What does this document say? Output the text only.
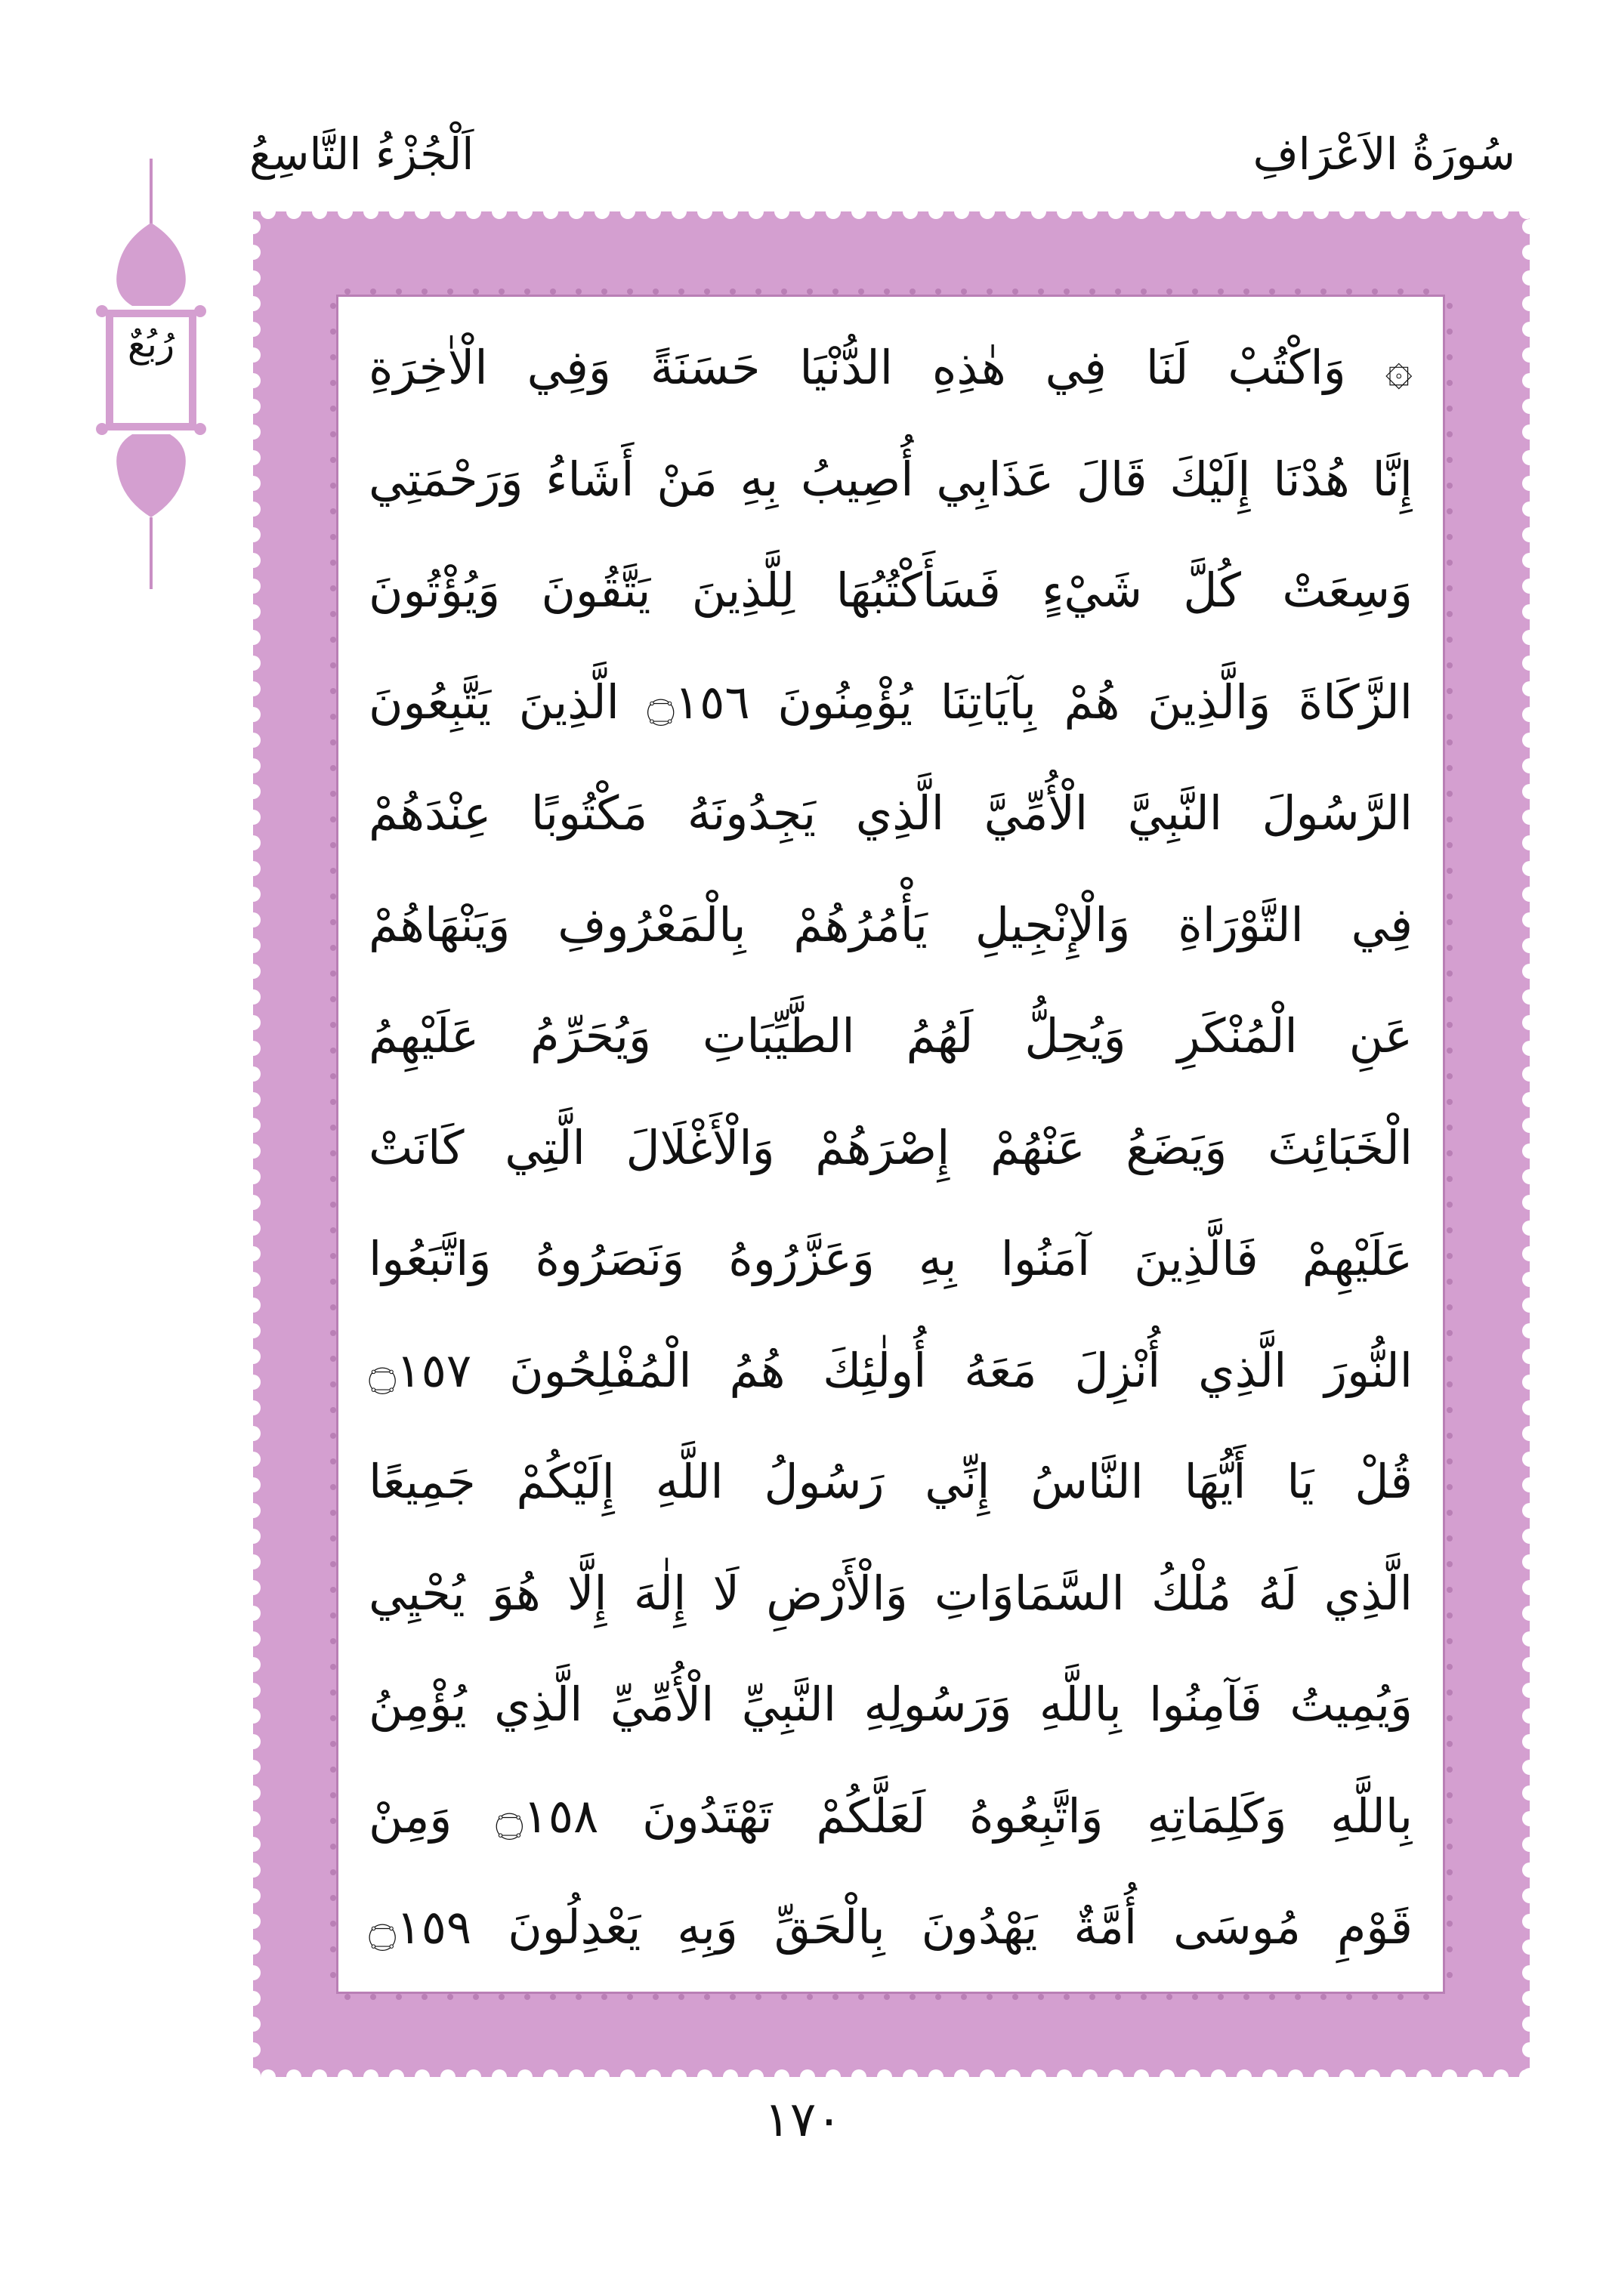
سُورَةُ الاَعْرَافِ
اَلْجُزْءُ التَّاسِعُ
رُبُعٌ	۞ وَاكْتُبْ لَنَا فِي هٰذِهِ الدُّنْيَا حَسَنَةً وَفِي الْاٰخِرَةِ
إِنَّا هُدْنَا إِلَيْكَ قَالَ عَذَابِي أُصِيبُ بِهِ مَنْ أَشَاءُ وَرَحْمَتِي
وَسِعَتْ كُلَّ شَيْءٍ فَسَأَكْتُبُهَا لِلَّذِينَ يَتَّقُونَ وَيُؤْتُونَ
الزَّكَاةَ وَالَّذِينَ هُمْ بِآيَاتِنَا يُؤْمِنُونَ ۝١٥٦ الَّذِينَ يَتَّبِعُونَ
الرَّسُولَ النَّبِيَّ الْأُمِّيَّ الَّذِي يَجِدُونَهُ مَكْتُوبًا عِنْدَهُمْ
فِي التَّوْرَاةِ وَالْإِنْجِيلِ يَأْمُرُهُمْ بِالْمَعْرُوفِ وَيَنْهَاهُمْ
عَنِ الْمُنْكَرِ وَيُحِلُّ لَهُمُ الطَّيِّبَاتِ وَيُحَرِّمُ عَلَيْهِمُ
الْخَبَائِثَ وَيَضَعُ عَنْهُمْ إِصْرَهُمْ وَالْأَغْلَالَ الَّتِي كَانَتْ
عَلَيْهِمْ فَالَّذِينَ آمَنُوا بِهِ وَعَزَّرُوهُ وَنَصَرُوهُ وَاتَّبَعُوا
النُّورَ الَّذِي أُنْزِلَ مَعَهُ أُولٰئِكَ هُمُ الْمُفْلِحُونَ ۝١٥٧
قُلْ يَا أَيُّهَا النَّاسُ إِنِّي رَسُولُ اللَّهِ إِلَيْكُمْ جَمِيعًا
الَّذِي لَهُ مُلْكُ السَّمَاوَاتِ وَالْأَرْضِ لَا إِلٰهَ إِلَّا هُوَ يُحْيِي
وَيُمِيتُ فَآمِنُوا بِاللَّهِ وَرَسُولِهِ النَّبِيِّ الْأُمِّيِّ الَّذِي يُؤْمِنُ
بِاللَّهِ وَكَلِمَاتِهِ وَاتَّبِعُوهُ لَعَلَّكُمْ تَهْتَدُونَ ۝١٥٨ وَمِنْ
قَوْمِ مُوسَى أُمَّةٌ يَهْدُونَ بِالْحَقِّ وَبِهِ يَعْدِلُونَ ۝١٥٩
١٧٠
